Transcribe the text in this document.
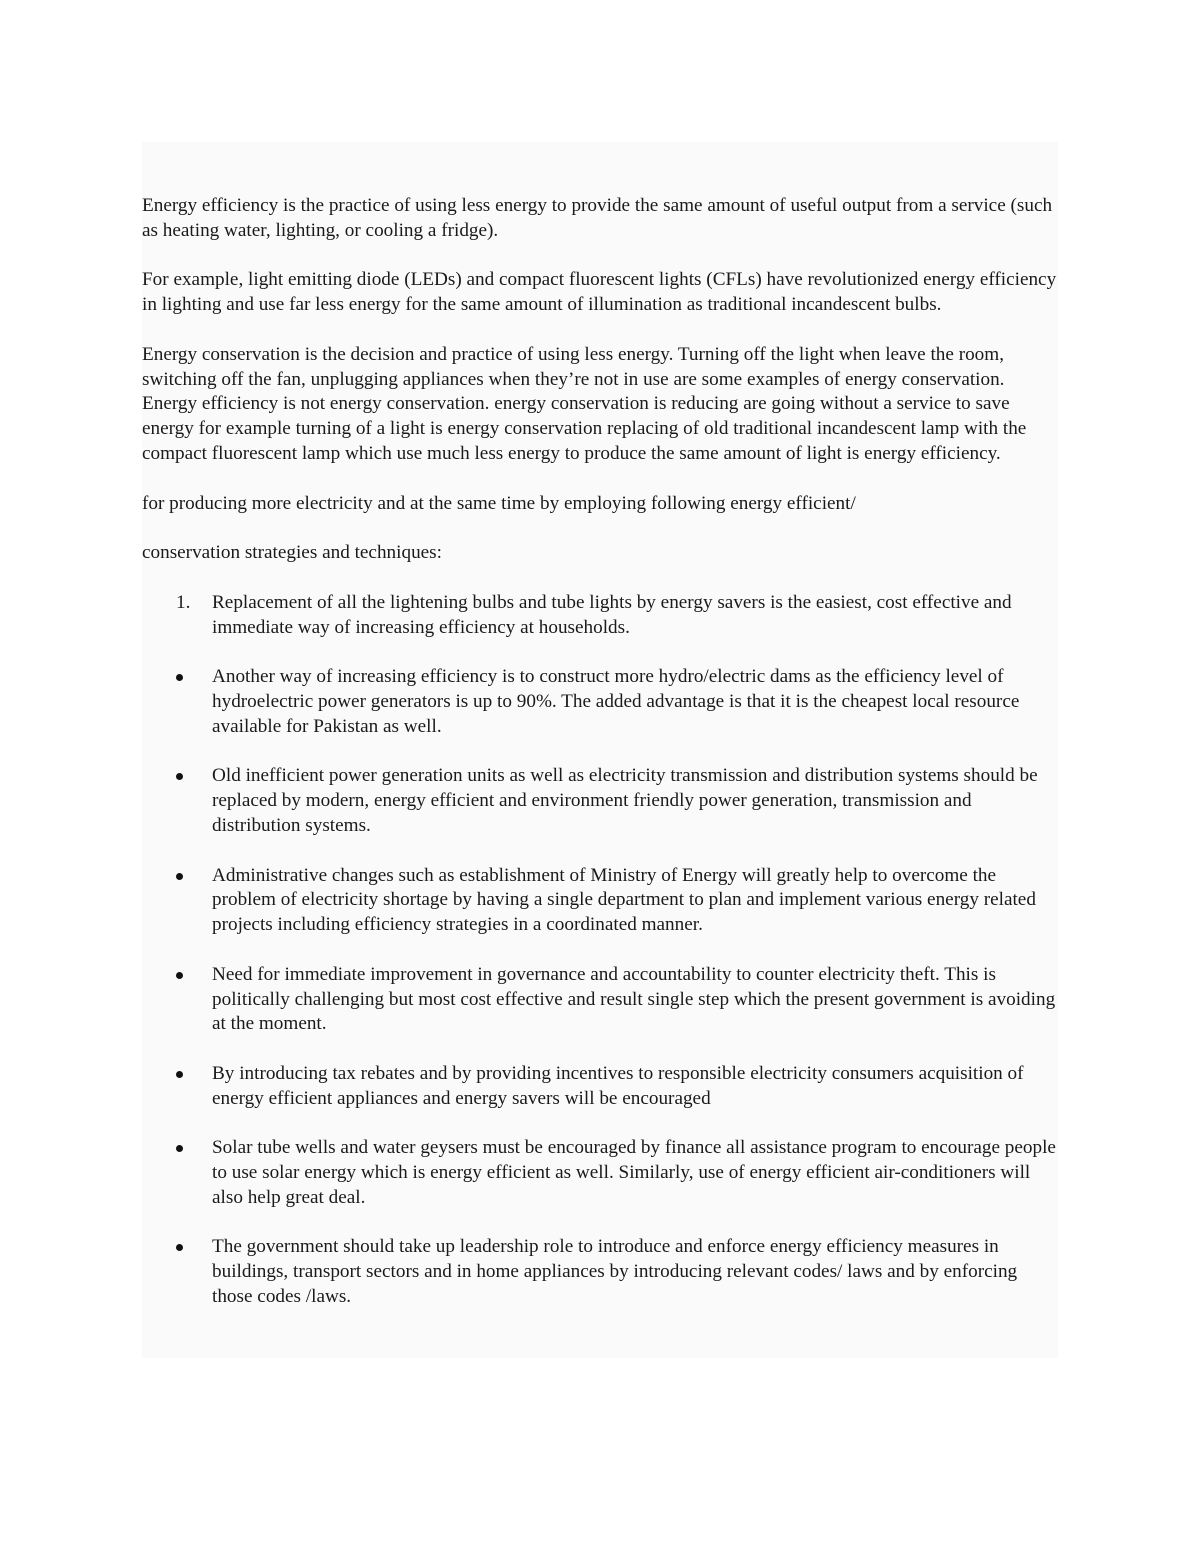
Energy efficiency is the practice of using less energy to provide the same amount of useful output from a service (such as heating water, lighting, or cooling a fridge).

For example, light emitting diode (LEDs) and compact fluorescent lights (CFLs) have revolutionized energy efficiency in lighting and use far less energy for the same amount of illumination as traditional incandescent bulbs.

Energy conservation is the decision and practice of using less energy. Turning off the light when leave the room, switching off the fan, unplugging appliances when they’re not in use are some examples of energy conservation. Energy efficiency is not energy conservation. energy conservation is reducing are going without a service to save energy for example turning of a light is energy conservation replacing of old traditional incandescent lamp with the compact fluorescent lamp which use much less energy to produce the same amount of light is energy efficiency.

for producing more electricity and at the same time by employing following energy efficient/

conservation strategies and techniques:

1. Replacement of all the lightening bulbs and tube lights by energy savers is the easiest, cost effective and immediate way of increasing efficiency at households.
Another way of increasing efficiency is to construct more hydro/electric dams as the efficiency level of hydroelectric power generators is up to 90%. The added advantage is that it is the cheapest local resource available for Pakistan as well.
Old inefficient power generation units as well as electricity transmission and distribution systems should be replaced by modern, energy efficient and environment friendly power generation, transmission and distribution systems.
Administrative changes such as establishment of Ministry of Energy will greatly help to overcome the problem of electricity shortage by having a single department to plan and implement various energy related projects including efficiency strategies in a coordinated manner.
Need for immediate improvement in governance and accountability to counter electricity theft. This is politically challenging but most cost effective and result single step which the present government is avoiding at the moment.
By introducing tax rebates and by providing incentives to responsible electricity consumers acquisition of energy efficient appliances and energy savers will be encouraged
Solar tube wells and water geysers must be encouraged by finance all assistance program to encourage people to use solar energy which is energy efficient as well. Similarly, use of energy efficient air-conditioners will also help great deal.
The government should take up leadership role to introduce and enforce energy efficiency measures in buildings, transport sectors and in home appliances by introducing relevant codes/ laws and by enforcing those codes /laws.
